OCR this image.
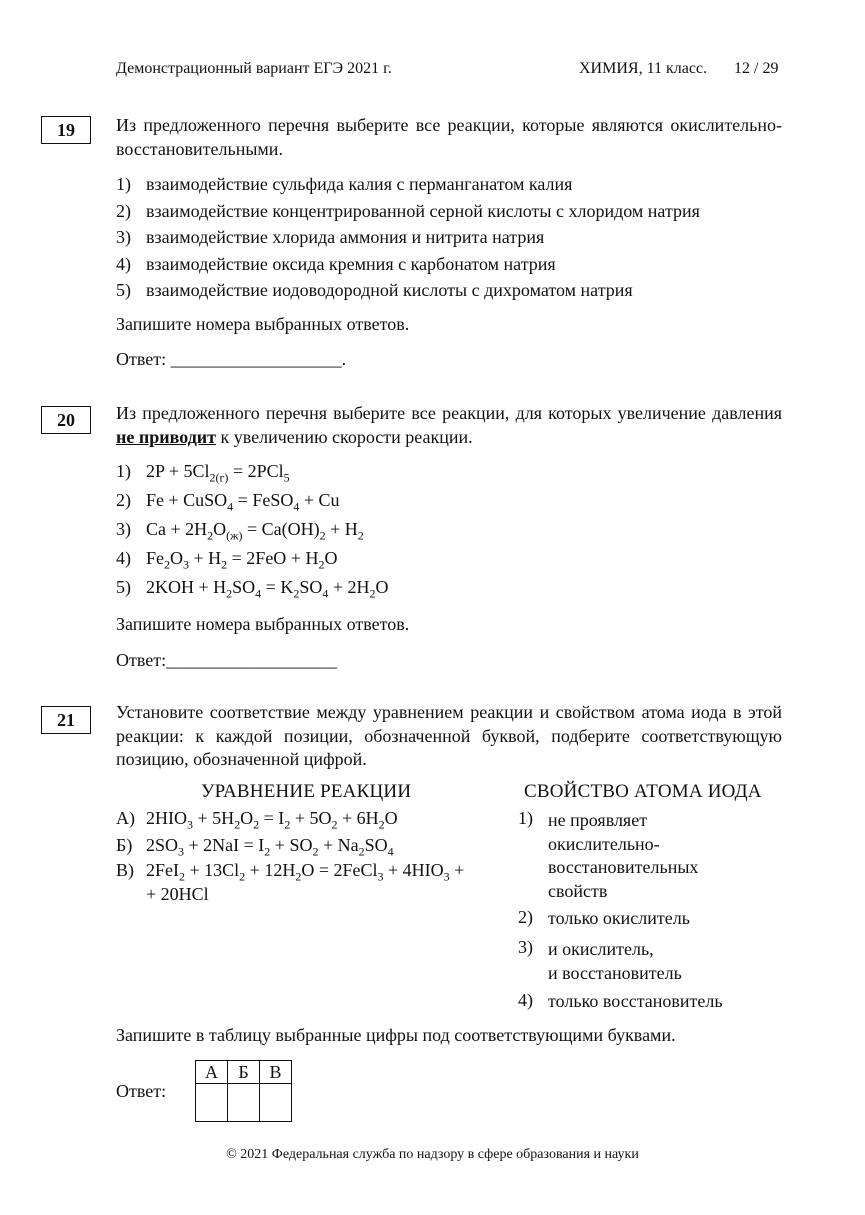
Демонстрационный вариант ЕГЭ 2021 г.	ХИМИЯ, 11 класс. 12 / 29
19	Из предложенного перечня выберите все реакции, которые являются окислительно-восстановительными.
1) взаимодействие сульфида калия с перманганатом калия
2) взаимодействие концентрированной серной кислоты с хлоридом натрия
3) взаимодействие хлорида аммония и нитрита натрия
4) взаимодействие оксида кремния с карбонатом натрия
5) взаимодействие иодоводородной кислоты с дихроматом натрия
Запишите номера выбранных ответов.
Ответ: ___________________.
20	Из предложенного перечня выберите все реакции, для которых увеличение давления не приводит к увеличению скорости реакции.
1) $2P + 5Cl_{2(г)} = 2PCl_5$
2) Fe + CuSO$_4$ = FeSO$_4$ + Cu
3) $Ca + 2H_2O_{(ж)} = Ca(OH)_2 + H_2$
4) $Fe_2O_3 + H_2 = 2FeO + H_2O$
5) $2KOH + H_2SO_4 = K_2SO_4 + 2H_2O$
Запишите номера выбранных ответов.
Ответ:___________________
21	Установите соответствие между уравнением реакции и свойством атома иода в этой реакции: к каждой позиции, обозначенной буквой, подберите соответствующую позицию, обозначенной цифрой.
УРАВНЕНИЕ РЕАКЦИИ	СВОЙСТВО АТОМА ИОДА
А) $2HIO_3 + 5H_2O_2 = I_2 + 5O_2 + 6H_2O$
Б) $2SO_3 + 2NaI = I_2 + SO_2 + Na_2SO_4$
В) $2FeI_2 + 13Cl_2 + 12H_2O$ = 2FeCl$_3$ + $4HIO_3$ +
+ 20HCl
1) не проявляет
окислительно-
восстановительных
свойств
2) только окислитель
3) и окислитель,
и восстановитель
4) только восстановитель
Запишите в таблицу выбранные цифры под соответствующими буквами.
Ответ:
А	Б	В

© 2021 Федеральная служба по надзору в сфере образования и науки
